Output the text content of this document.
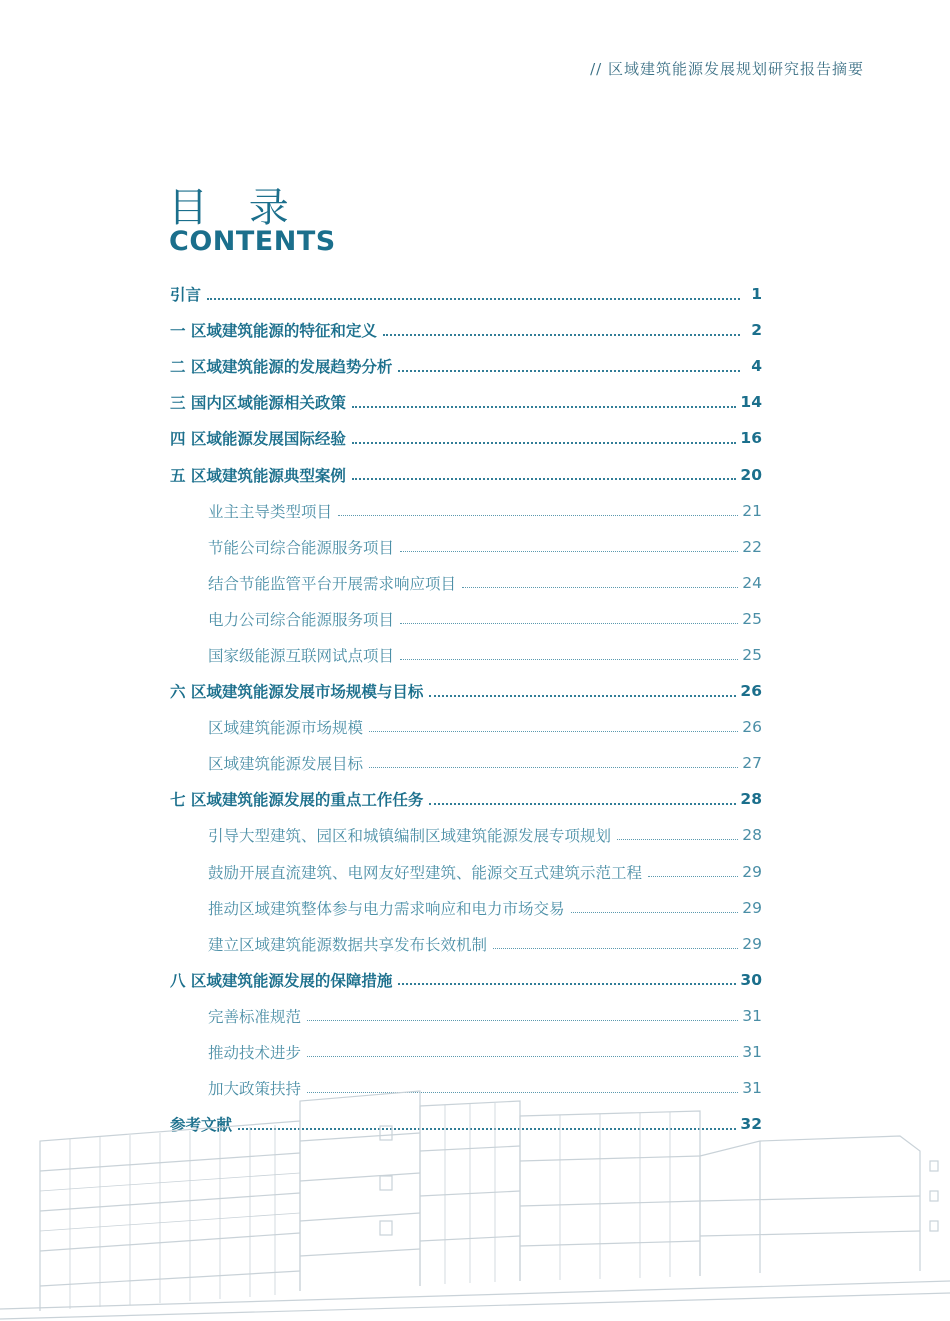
// 区域建筑能源发展规划研究报告摘要
目 录
CONTENTS
引言	1
一 区域建筑能源的特征和定义	2
二 区域建筑能源的发展趋势分析	4
三 国内区域能源相关政策	14
四 区域能源发展国际经验	16
五 区域建筑能源典型案例	20
业主主导类型项目	21
节能公司综合能源服务项目	22
结合节能监管平台开展需求响应项目	24
电力公司综合能源服务项目	25
国家级能源互联网试点项目	25
六 区域建筑能源发展市场规模与目标	26
区域建筑能源市场规模	26
区域建筑能源发展目标	27
七 区域建筑能源发展的重点工作任务	28
引导大型建筑、园区和城镇编制区域建筑能源发展专项规划	28
鼓励开展直流建筑、电网友好型建筑、能源交互式建筑示范工程	29
推动区域建筑整体参与电力需求响应和电力市场交易	29
建立区域建筑能源数据共享发布长效机制	29
八 区域建筑能源发展的保障措施	30
完善标准规范	31
推动技术进步	31
加大政策扶持	31
参考文献	32
